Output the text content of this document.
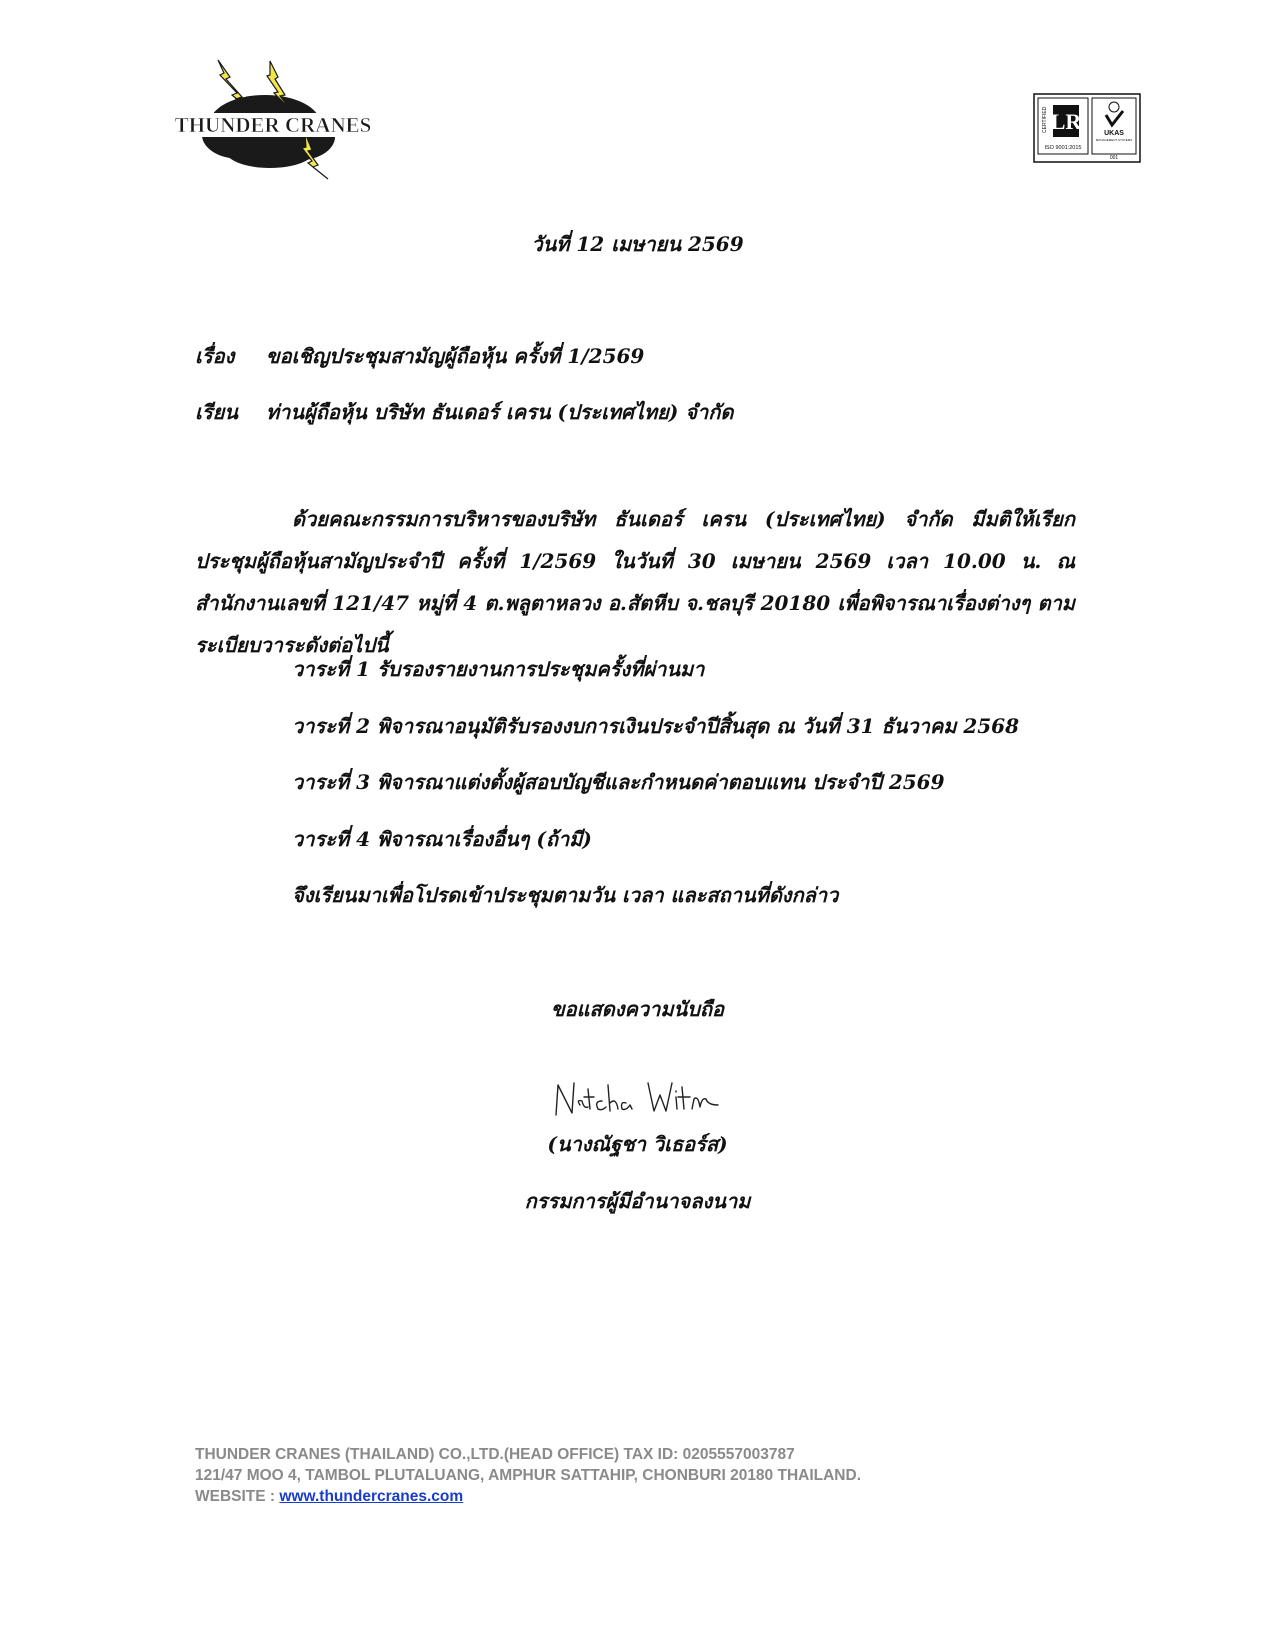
THUNDER CRANES	CERTIFIED LR
ISO 9001:2015
UKAS
MANAGEMENT SYSTEMS
001
วันที่ 12 เมษายน 2569
เรื่อง ขอเชิญประชุมสามัญผู้ถือหุ้น ครั้งที่ 1/2569
เรียน ท่านผู้ถือหุ้น บริษัท ธันเดอร์ เครน (ประเทศไทย) จำกัด
ด้วยคณะกรรมการบริหารของบริษัท ธันเดอร์ เครน (ประเทศไทย) จำกัด มีมติให้เรียกประชุมผู้ถือหุ้นสามัญประจำปี ครั้งที่ 1/2569 ในวันที่ 30 เมษายน 2569 เวลา 10.00 น. ณ สำนักงานเลขที่ 121/47 หมู่ที่ 4 ต.พลูตาหลวง อ.สัตหีบ จ.ชลบุรี 20180 เพื่อพิจารณาเรื่องต่างๆ ตามระเบียบวาระดังต่อไปนี้
วาระที่ 1 รับรองรายงานการประชุมครั้งที่ผ่านมา
วาระที่ 2 พิจารณาอนุมัติรับรองงบการเงินประจำปีสิ้นสุด ณ วันที่ 31 ธันวาคม 2568
วาระที่ 3 พิจารณาแต่งตั้งผู้สอบบัญชีและกำหนดค่าตอบแทน ประจำปี 2569
วาระที่ 4 พิจารณาเรื่องอื่นๆ (ถ้ามี)
จึงเรียนมาเพื่อโปรดเข้าประชุมตามวัน เวลา และสถานที่ดังกล่าว
ขอแสดงความนับถือ
(นางณัฐชา วิเธอร์ส)
กรรมการผู้มีอำนาจลงนาม
THUNDER CRANES (THAILAND) CO.,LTD.(HEAD OFFICE) TAX ID: 0205557003787
121/47 MOO 4, TAMBOL PLUTALUANG, AMPHUR SATTAHIP, CHONBURI 20180 THAILAND.
WEBSITE : www.thundercranes.com
